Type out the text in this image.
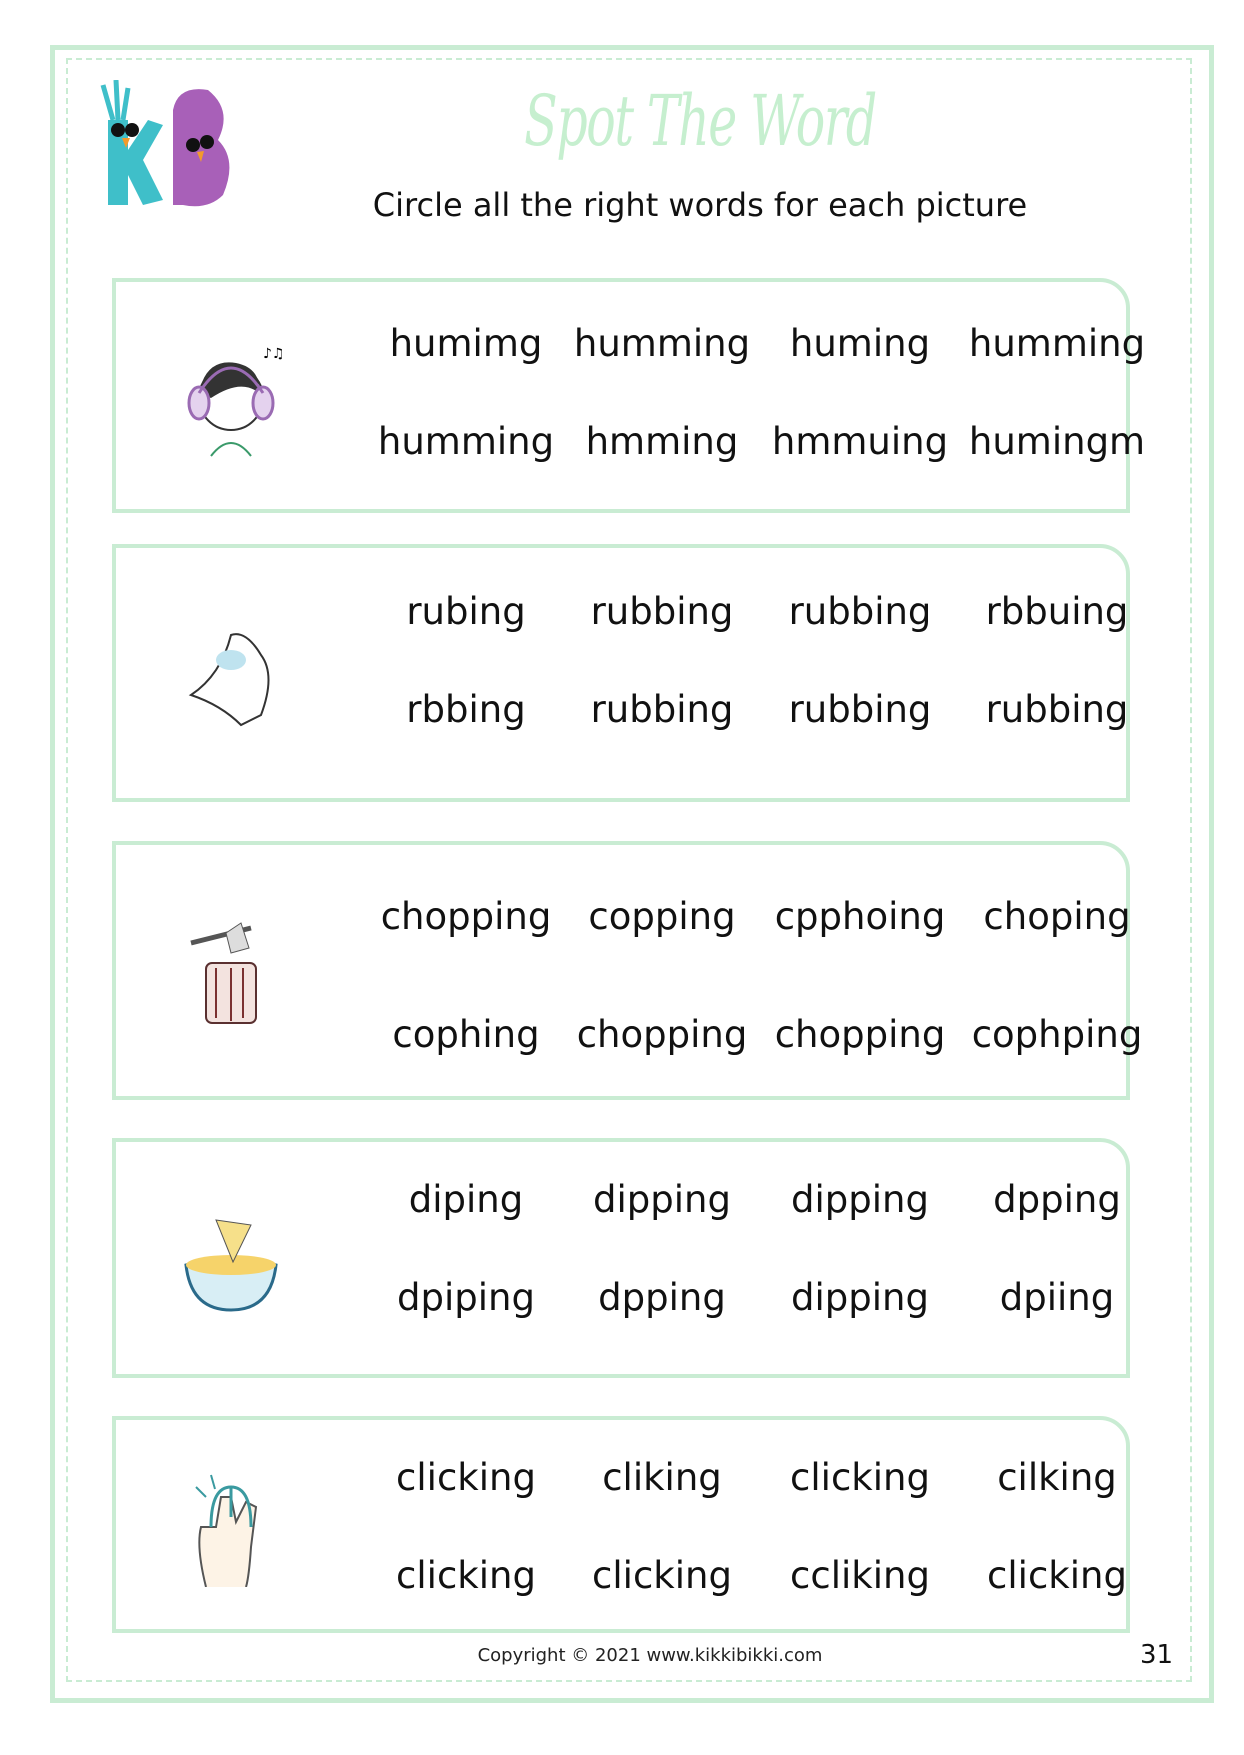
Spot The Word
Circle all the right words for each picture
♪♫	humimg humming	huming	humming
humming hmming hmmuing humingm
rubing	rubbing	rubbing	rbbuing
rbbing	rubbing	rubbing	rubbing
chopping	copping	cpphoing	choping
cophing	chopping chopping cophping
diping	dipping	dipping	dpping
dpiping	dpping	dipping	dpiing
clicking	cliking	clicking	cilking
clicking	clicking	ccliking	clicking
Copyright © 2021 www.kikkibikki.com	31
